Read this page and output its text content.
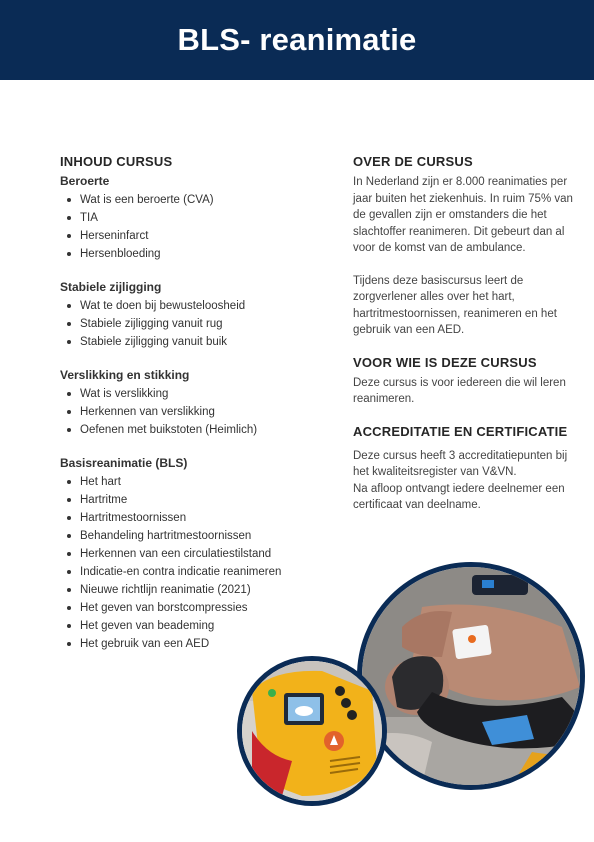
BLS- reanimatie
INHOUD CURSUS
Beroerte
Wat is een beroerte (CVA)
TIA
Herseninfarct
Hersenbloeding
Stabiele zijligging
Wat te doen bij bewusteloosheid
Stabiele zijligging vanuit rug
Stabiele zijligging vanuit buik
Verslikking en stikking
Wat is verslikking
Herkennen van verslikking
Oefenen met buikstoten (Heimlich)
Basisreanimatie (BLS)
Het hart
Hartritme
Hartritmestoornissen
Behandeling hartritmestoornissen
Herkennen van een circulatiestilstand
Indicatie-en contra indicatie reanimeren
Nieuwe richtlijn reanimatie (2021)
Het geven van borstcompressies
Het geven van beademing
Het gebruik van een AED
OVER DE CURSUS

In Nederland zijn er 8.000 reanimaties per jaar buiten het ziekenhuis. In ruim 75% van de gevallen zijn er omstanders die het slachtoffer reanimeren. Dit gebeurt dan al voor de komst van de ambulance.

Tijdens deze basiscursus leert de zorgverlener alles over het hart, hartritmestoornissen, reanimeren en het gebruik van een AED.

VOOR WIE IS DEZE CURSUS

Deze cursus is voor iedereen die wil leren reanimeren.

ACCREDITATIE EN CERTIFICATIE

Deze cursus heeft 3 accreditatiepunten bij het kwaliteitsregister van V&VN.

Na afloop ontvangt iedere deelnemer een certificaat van deelname.
